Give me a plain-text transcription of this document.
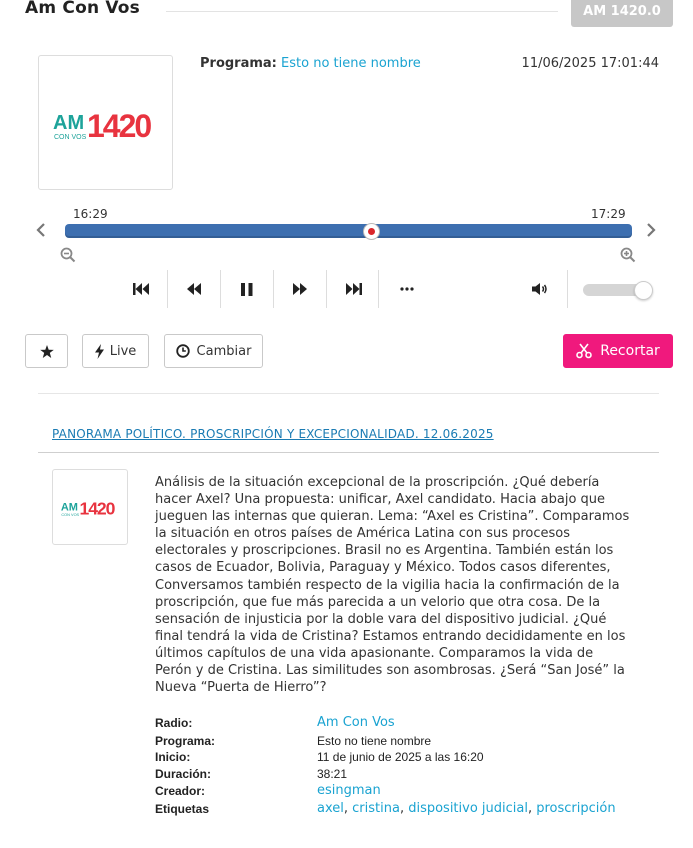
Am Con Vos	AM 1420.0
AM
CON VOS 1420
Programa: Esto no tiene nombre	11/06/2025 17:01:44
16:29	17:29
Live	Cambiar	Recortar
PANORAMA POLÍTICO. PROSCRIPCIÓN Y EXCEPCIONALIDAD. 12.06.2025
AM
CON VOS 1420
Análisis de la situación excepcional de la proscripción. ¿Qué debería
hacer Axel? Una propuesta: unificar, Axel candidato. Hacia abajo que
jueguen las internas que quieran. Lema: “Axel es Cristina”. Comparamos
la situación en otros países de América Latina con sus procesos
electorales y proscripciones. Brasil no es Argentina. También están los
casos de Ecuador, Bolivia, Paraguay y México. Todos casos diferentes,
Conversamos también respecto de la vigilia hacia la confirmación de la
proscripción, que fue más parecida a un velorio que otra cosa. De la
sensación de injusticia por la doble vara del dispositivo judicial. ¿Qué
final tendrá la vida de Cristina? Estamos entrando decididamente en los
últimos capítulos de una vida apasionante. Comparamos la vida de
Perón y de Cristina. Las similitudes son asombrosas. ¿Será “San José” la
Nueva “Puerta de Hierro”?
Radio:	Am Con Vos
Programa:	Esto no tiene nombre
Inicio:	11 de junio de 2025 a las 16:20
Duración:	38:21
Creador:	esingman
Etiquetas	axel, cristina, dispositivo judicial, proscripción
